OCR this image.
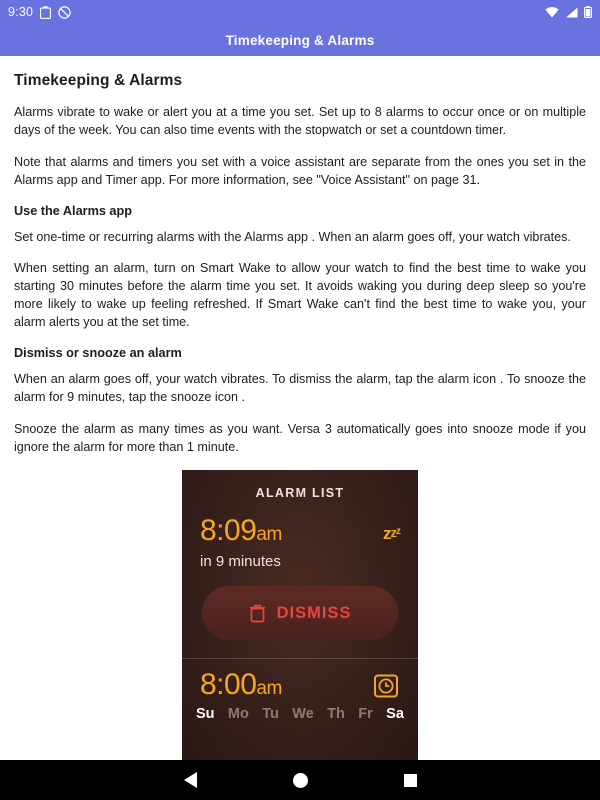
9:30
Timekeeping & Alarms
Timekeeping & Alarms

Alarms vibrate to wake or alert you at a time you set. Set up to 8 alarms to occur once or on multiple days of the week. You can also time events with the stopwatch or set a countdown timer.

Note that alarms and timers you set with a voice assistant are separate from the ones you set in the Alarms app and Timer app. For more information, see "Voice Assistant" on page 31.

Use the Alarms app

Set one-time or recurring alarms with the Alarms app . When an alarm goes off, your watch vibrates.

When setting an alarm, turn on Smart Wake to allow your watch to find the best time to wake you starting 30 minutes before the alarm time you set. It avoids waking you during deep sleep so you're more likely to wake up feeling refreshed. If Smart Wake can't find the best time to wake you, your alarm alerts you at the set time.

Dismiss or snooze an alarm

When an alarm goes off, your watch vibrates. To dismiss the alarm, tap the alarm icon . To snooze the alarm for 9 minutes, tap the snooze icon .

Snooze the alarm as many times as you want. Versa 3 automatically goes into snooze mode if you ignore the alarm for more than 1 minute.

ALARM LIST
8:09am	$zz^z$
in 9 minutes
DISMISS
8:00am
Su Mo Tu We Th Fr Sa
